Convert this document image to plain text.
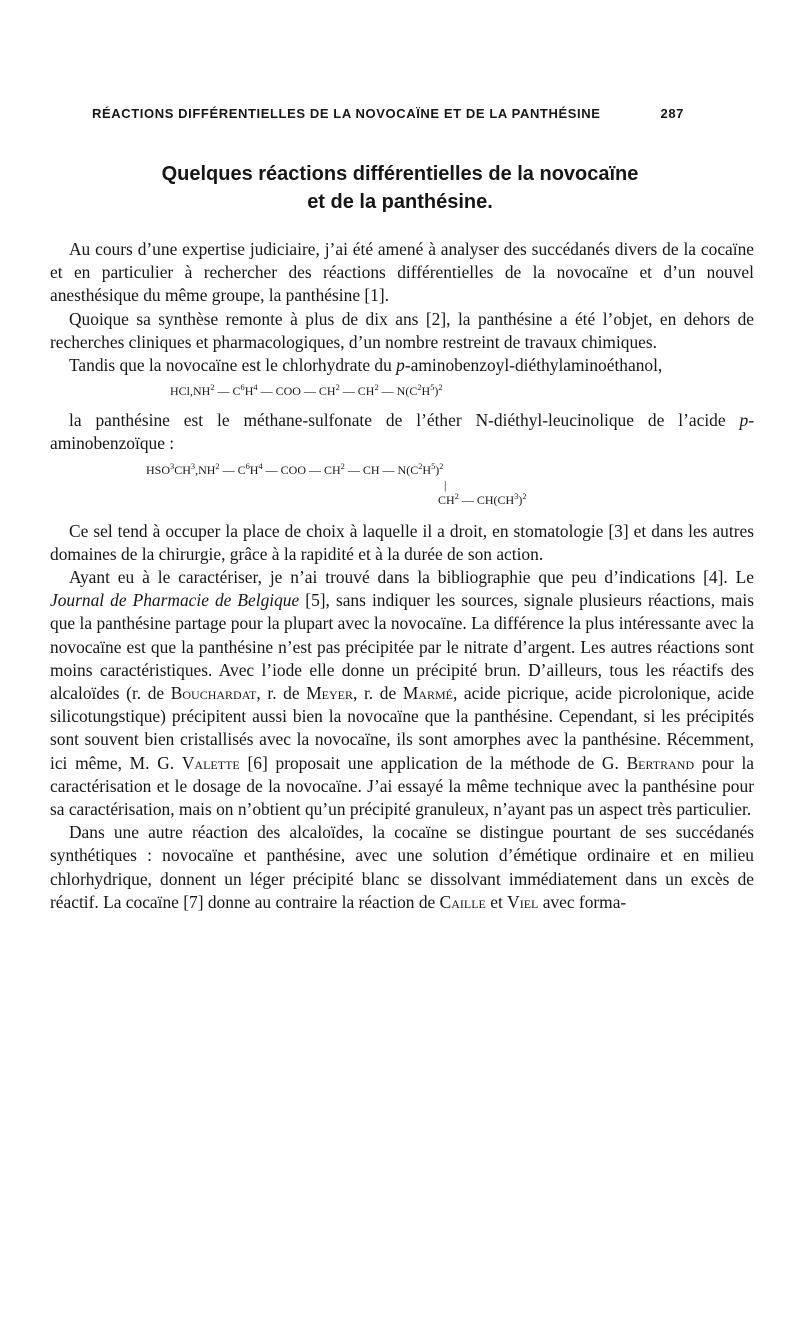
RÉACTIONS DIFFÉRENTIELLES DE LA NOVOCAÏNE ET DE LA PANTHÉSINE	287
Quelques réactions différentielles de la novocaïne
et de la panthésine.

Au cours d’une expertise judiciaire, j’ai été amené à analyser des succédanés divers de la cocaïne et en particulier à rechercher des réactions différentielles de la novocaïne et d’un nouvel anesthésique du même groupe, la panthésine [1].

Quoique sa synthèse remonte à plus de dix ans [2], la panthésine a été l’objet, en dehors de recherches cliniques et pharmacologiques, d’un nombre restreint de travaux chimiques.

Tandis que la novocaïne est le chlorhydrate du p-aminobenzoyl-diéthylaminoéthanol,

$HCl,NH^2$ — $C^6H^4$ — COO — $CH^2$ — $CH^2$ — $N(C^2H^5)^2$

la panthésine est le méthane-sulfonate de l’éther N-diéthyl-leucinolique de l’acide p-aminobenzoïque :

$HSO^3CH^3,NH^2$ — $C^6H^4$ — COO — $CH^2$ — CH — $N(C^2H^5)^2$
|
$CH^2$ — $CH(CH^3)^2$

Ce sel tend à occuper la place de choix à laquelle il a droit, en stomatologie [3] et dans les autres domaines de la chirurgie, grâce à la rapidité et à la durée de son action.

Ayant eu à le caractériser, je n’ai trouvé dans la bibliographie que peu d’indications [4]. Le Journal de Pharmacie de Belgique [5], sans indiquer les sources, signale plusieurs réactions, mais que la panthésine partage pour la plupart avec la novocaïne. La différence la plus intéressante avec la novocaïne est que la panthésine n’est pas précipitée par le nitrate d’argent. Les autres réactions sont moins caractéristiques. Avec l’iode elle donne un précipité brun. D’ailleurs, tous les réactifs des alcaloïdes (r. de Bouchardat, r. de Meyer, r. de Marmé, acide picrique, acide picrolonique, acide silicotungstique) précipitent aussi bien la novocaïne que la panthésine. Cependant, si les précipités sont souvent bien cristallisés avec la novocaïne, ils sont amorphes avec la panthésine. Récemment, ici même, M. G. Valette [6] proposait une application de la méthode de G. Bertrand pour la caractérisation et le dosage de la novocaïne. J’ai essayé la même technique avec la panthésine pour sa caractérisation, mais on n’obtient qu’un précipité granuleux, n’ayant pas un aspect très particulier.

Dans une autre réaction des alcaloïdes, la cocaïne se distingue pourtant de ses succédanés synthétiques : novocaïne et panthésine, avec une solution d’émétique ordinaire et en milieu chlorhydrique, donnent un léger précipité blanc se dissolvant immédiatement dans un excès de réactif. La cocaïne [7] donne au contraire la réaction de Caille et Viel avec forma-
